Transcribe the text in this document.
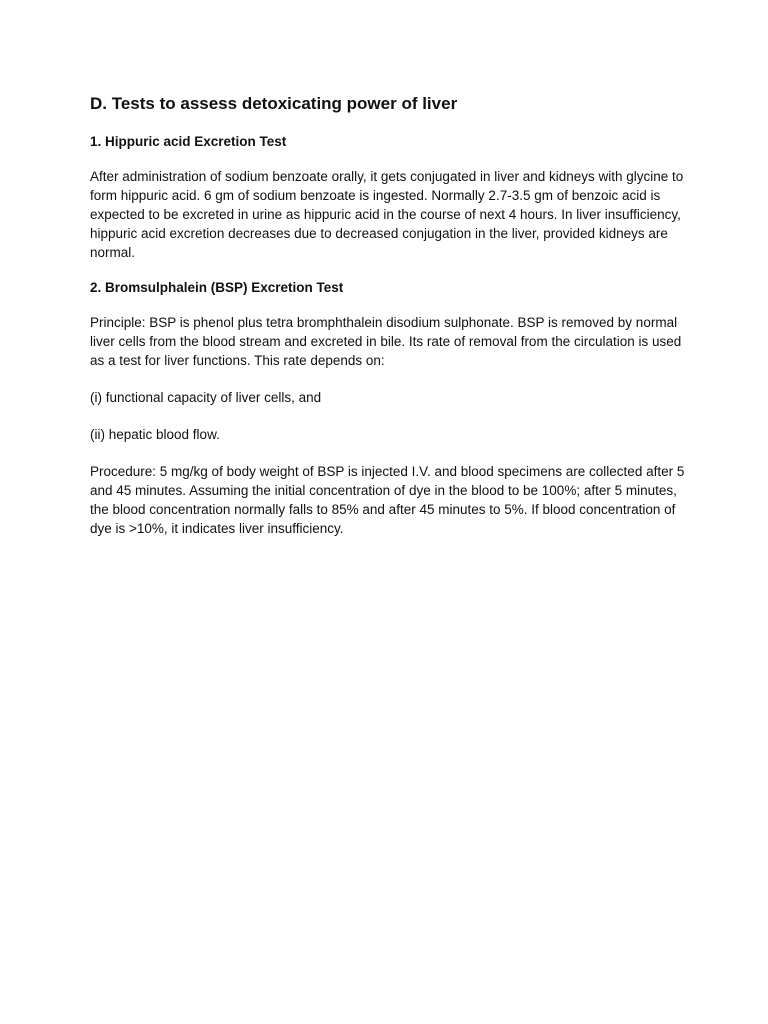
D. Tests to assess detoxicating power of liver
1. Hippuric acid Excretion Test

After administration of sodium benzoate orally, it gets conjugated in liver and kidneys with glycine to form hippuric acid. 6 gm of sodium benzoate is ingested. Normally 2.7-3.5 gm of benzoic acid is expected to be excreted in urine as hippuric acid in the course of next 4 hours. In liver insufficiency, hippuric acid excretion decreases due to decreased conjugation in the liver, provided kidneys are normal.

2. Bromsulphalein (BSP) Excretion Test

Principle: BSP is phenol plus tetra bromphthalein disodium sulphonate. BSP is removed by normal liver cells from the blood stream and excreted in bile. Its rate of removal from the circulation is used as a test for liver functions. This rate depends on:

(i) functional capacity of liver cells, and

(ii) hepatic blood flow.

Procedure: 5 mg/kg of body weight of BSP is injected I.V. and blood specimens are collected after 5 and 45 minutes. Assuming the initial concentration of dye in the blood to be 100%; after 5 minutes, the blood concentration normally falls to 85% and after 45 minutes to 5%. If blood concentration of dye is >10%, it indicates liver insufficiency.
